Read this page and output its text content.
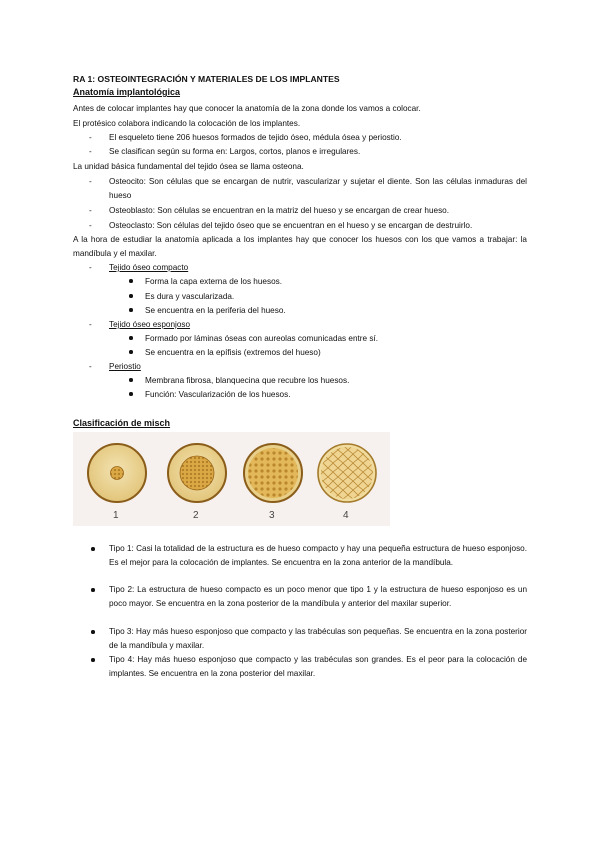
RA 1: OSTEOINTEGRACIÓN Y MATERIALES DE LOS IMPLANTES
Anatomía implantológica
Antes de colocar implantes hay que conocer la anatomía de la zona donde los vamos a colocar.
El protésico colabora indicando la colocación de los implantes.
- El esqueleto tiene 206 huesos formados de tejido óseo, médula ósea y periostio.
- Se clasifican según su forma en: Largos, cortos, planos e irregulares.
La unidad básica fundamental del tejido ósea se llama osteona.
- Osteocito: Son células que se encargan de nutrir, vascularizar y sujetar el diente. Son las células inmaduras del hueso
- Osteoblasto: Son células se encuentran en la matriz del hueso y se encargan de crear hueso.
- Osteoclasto: Son células del tejido óseo que se encuentran en el hueso y se encargan de destruirlo.
A la hora de estudiar la anatomía aplicada a los implantes hay que conocer los huesos con los que vamos a trabajar: la mandíbula y el maxilar.
- Tejido óseo compacto
Forma la capa externa de los huesos.
Es dura y vascularizada.
Se encuentra en la periferia del hueso.
- Tejido óseo esponjoso
Formado por láminas óseas con aureolas comunicadas entre sí.
Se encuentra en la epífisis (extremos del hueso)
- Periostio
Membrana fibrosa, blanquecina que recubre los huesos.
Función: Vascularización de los huesos.
Clasificación de misch
1	2	3	4
Tipo 1: Casi la totalidad de la estructura es de hueso compacto y hay una pequeña estructura de hueso esponjoso. Es el mejor para la colocación de implantes. Se encuentra en la zona anterior de la mandíbula.
Tipo 2: La estructura de hueso compacto es un poco menor que tipo 1 y la estructura de hueso esponjoso es un poco mayor. Se encuentra en la zona posterior de la mandíbula y anterior del maxilar superior.
Tipo 3: Hay más hueso esponjoso que compacto y las trabéculas son pequeñas. Se encuentra en la zona posterior de la mandíbula y maxilar.
Tipo 4: Hay más hueso esponjoso que compacto y las trabéculas son grandes. Es el peor para la colocación de implantes. Se encuentra en la zona posterior del maxilar.
